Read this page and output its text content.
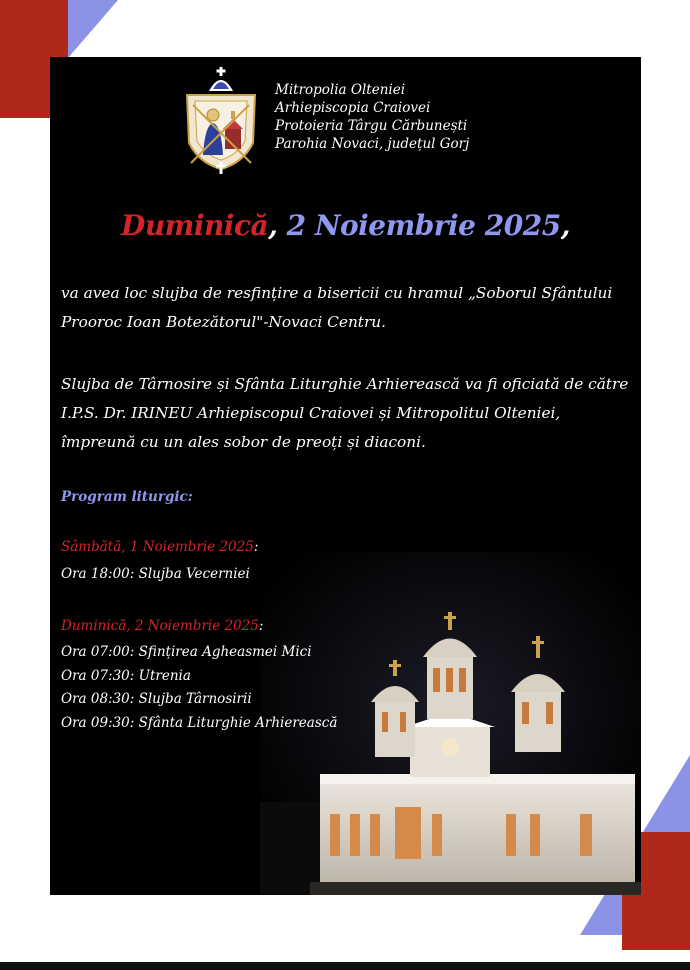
Mitropolia Olteniei
Arhiepiscopia Craiovei
Protoieria Târgu Cărbunești
Parohia Novaci, județul Gorj
Duminică, 2 Noiembrie 2025,
va avea loc slujba de resfințire a bisericii cu hramul „Soborul Sfântului Prooroc Ioan Botezătorul"-Novaci Centru.
Slujba de Târnosire și Sfânta Liturghie Arhierească va fi oficiată de către I.P.S. Dr. IRINEU Arhiepiscopul Craiovei și Mitropolitul Olteniei, împreună cu un ales sobor de preoți și diaconi.
Program liturgic:
Sâmbătă, 1 Noiembrie 2025:
Ora 18:00: Slujba Vecerniei
Duminică, 2 Noiembrie 2025:
Ora 07:00: Sfințirea Agheasmei Mici
Ora 07:30: Utrenia
Ora 08:30: Slujba Târnosirii
Ora 09:30: Sfânta Liturghie Arhierească
